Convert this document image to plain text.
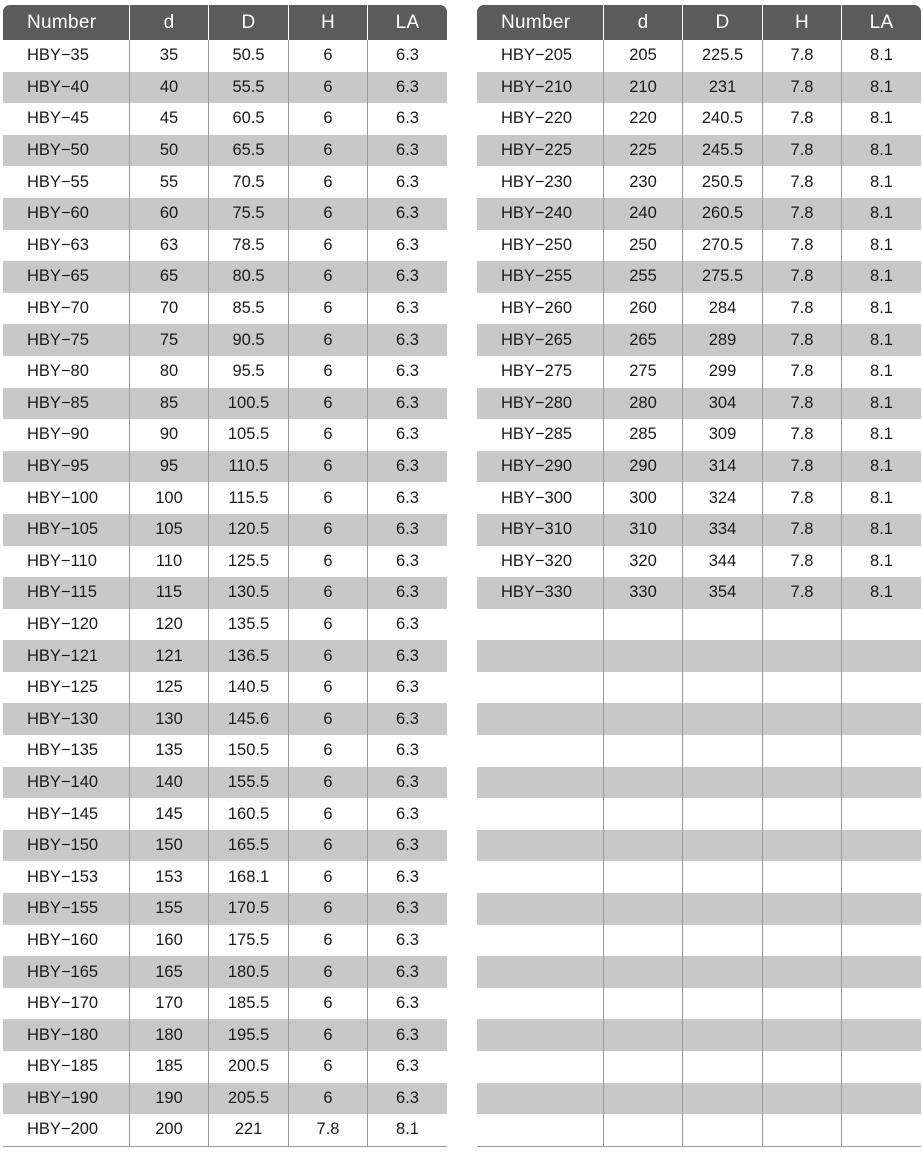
Number	d	D	H	LA
HBY−35	35	50.5	6	6.3
HBY−40	40	55.5	6	6.3
HBY−45	45	60.5	6	6.3
HBY−50	50	65.5	6	6.3
HBY−55	55	70.5	6	6.3
HBY−60	60	75.5	6	6.3
HBY−63	63	78.5	6	6.3
HBY−65	65	80.5	6	6.3
HBY−70	70	85.5	6	6.3
HBY−75	75	90.5	6	6.3
HBY−80	80	95.5	6	6.3
HBY−85	85	100.5	6	6.3
HBY−90	90	105.5	6	6.3
HBY−95	95	110.5	6	6.3
HBY−100	100	115.5	6	6.3
HBY−105	105	120.5	6	6.3
HBY−110	110	125.5	6	6.3
HBY−115	115	130.5	6	6.3
HBY−120	120	135.5	6	6.3
HBY−121	121	136.5	6	6.3
HBY−125	125	140.5	6	6.3
HBY−130	130	145.6	6	6.3
HBY−135	135	150.5	6	6.3
HBY−140	140	155.5	6	6.3
HBY−145	145	160.5	6	6.3
HBY−150	150	165.5	6	6.3
HBY−153	153	168.1	6	6.3
HBY−155	155	170.5	6	6.3
HBY−160	160	175.5	6	6.3
HBY−165	165	180.5	6	6.3
HBY−170	170	185.5	6	6.3
HBY−180	180	195.5	6	6.3
HBY−185	185	200.5	6	6.3
HBY−190	190	205.5	6	6.3
HBY−200	200	221	7.8	8.1
Number	d	D	H	LA
HBY−205	205	225.5	7.8	8.1
HBY−210	210	231	7.8	8.1
HBY−220	220	240.5	7.8	8.1
HBY−225	225	245.5	7.8	8.1
HBY−230	230	250.5	7.8	8.1
HBY−240	240	260.5	7.8	8.1
HBY−250	250	270.5	7.8	8.1
HBY−255	255	275.5	7.8	8.1
HBY−260	260	284	7.8	8.1
HBY−265	265	289	7.8	8.1
HBY−275	275	299	7.8	8.1
HBY−280	280	304	7.8	8.1
HBY−285	285	309	7.8	8.1
HBY−290	290	314	7.8	8.1
HBY−300	300	324	7.8	8.1
HBY−310	310	334	7.8	8.1
HBY−320	320	344	7.8	8.1
HBY−330	330	354	7.8	8.1
